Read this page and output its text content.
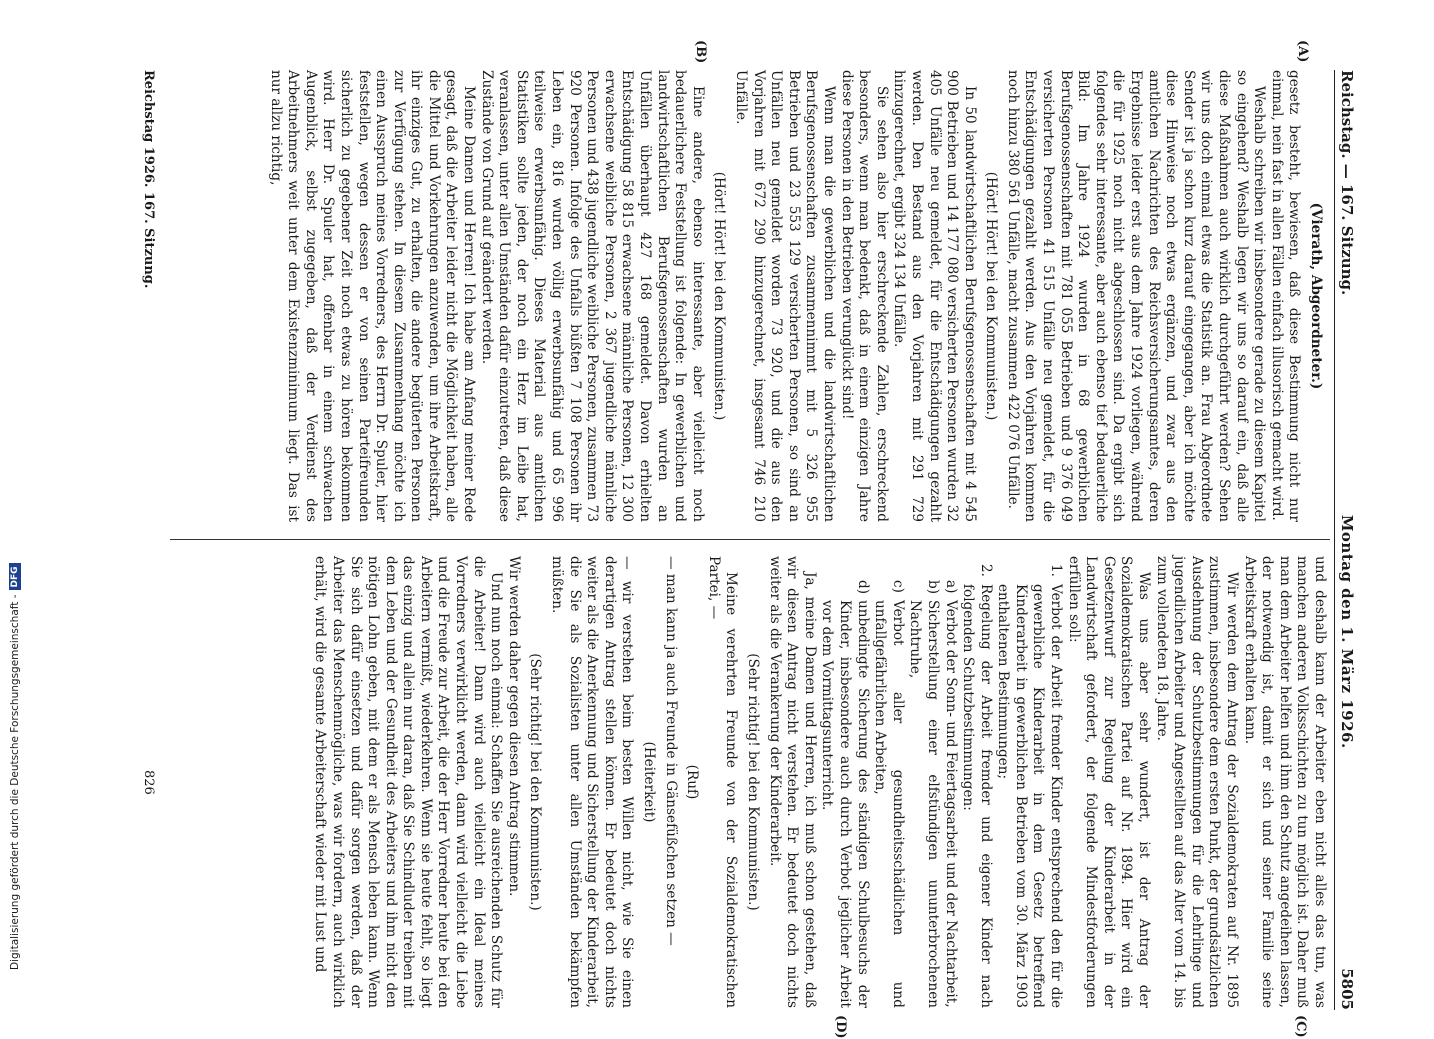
Digitalisierung gefördert durch die Deutsche Forschungsgemeinschaft -
DFG
Reichstag. — 167. Sitzung.
Montag den 1. März 1926.
5805
(A)
(B)
(C)
(D)

(Vierath, Abgeordneter.)

gesetz besteht, bewiesen, daß diese Bestimmung nicht nur einmal, nein fast in allen Fällen einfach illusorisch gemacht wird.

Weshalb schreiben wir insbesondere gerade zu diesem Kapitel so eingehend? Weshalb legen wir uns so darauf ein, daß alle diese Maßnahmen auch wirklich durchgeführt werden? Sehen wir uns doch einmal etwas die Statistik an. Frau Abgeordnete Sender ist ja schon kurz darauf eingegangen, aber ich möchte diese Hinweise noch etwas ergänzen, und zwar aus den amtlichen Nachrichten des Reichsversicherungsamtes, deren Ergebnisse leider erst aus dem Jahre 1924 vorliegen, während die für 1925 noch nicht abgeschlossen sind. Da ergibt sich folgendes sehr interessante, aber auch ebenso tief bedauerliche Bild: Im Jahre 1924 wurden in 68 gewerblichen Berufsgenossenschaften mit 781 055 Betrieben und 9 376 049 versicherten Personen 41 515 Unfälle neu gemeldet, für die Entschädigungen gezahlt werden. Aus den Vorjahren kommen noch hinzu 380 561 Unfälle, macht zusammen 422 076 Unfälle.

(Hört! Hört! bei den Kommunisten.)

In 50 landwirtschaftlichen Berufsgenossenschaften mit 4 545 900 Betrieben und 14 177 080 versicherten Personen wurden 32 405 Unfälle neu gemeldet, für die Entschädigungen gezahlt werden. Den Bestand aus den Vorjahren mit 291 729 hinzugerechnet, ergibt 324 134 Unfälle.

Sie sehen also hier erschreckende Zahlen, erschreckend besonders, wenn man bedenkt, daß in einem einzigen Jahre diese Personen in den Betrieben verunglückt sind!

Wenn man die gewerblichen und die landwirtschaftlichen Berufsgenossenschaften zusammennimmt mit 5 326 955 Betrieben und 23 553 129 versicherten Personen, so sind an Unfällen neu gemeldet worden 73 920, und die aus den Vorjahren mit 672 290 hinzugerechnet, insgesamt 746 210 Unfälle.

(Hört! Hört! bei den Kommunisten.)

Eine andere, ebenso interessante, aber vielleicht noch bedauerlichere Feststellung ist folgende: In gewerblichen und landwirtschaftlichen Berufsgenossenschaften wurden an Unfällen überhaupt 427 168 gemeldet. Davon erhielten Entschädigung 58 815 erwachsene männliche Personen, 12 300 erwachsene weibliche Personen, 2 367 jugendliche männliche Personen und 438 jugendliche weibliche Personen, zusammen 73 920 Personen. Infolge des Unfalls büßten 7 108 Personen ihr Leben ein, 816 wurden völlig erwerbsunfähig und 65 996 teilweise erwerbsunfähig. Dieses Material aus amtlichen Statistiken sollte jeden, der noch ein Herz im Leibe hat, veranlassen, unter allen Umständen dafür einzutreten, daß diese Zustände von Grund auf geändert werden.

Meine Damen und Herren! Ich habe am Anfang meiner Rede gesagt, daß die Arbeiter leider nicht die Möglichkeit haben, alle die Mittel und Vorkehrungen anzuwenden, um ihre Arbeitskraft, ihr einziges Gut, zu erhalten, die andere begüterten Personen zur Verfügung stehen. In diesem Zusammenhang möchte ich einen Ausspruch meines Vorredners, des Herrn Dr. Spuler, hier feststellen, wegen dessen er von seinen Parteifreunden sicherlich zu gegebener Zeit noch etwas zu hören bekommen wird. Herr Dr. Spuler hat, offenbar in einem schwachen Augenblick, selbst zugegeben, daß der Verdienst des Arbeitnehmers weit unter dem Existenzminimum liegt. Das ist nur allzu richtig,

und deshalb kann der Arbeiter eben nicht alles das tun, was manchen anderen Volksschichten zu tun möglich ist. Daher muß man dem Arbeiter helfen und ihm den Schutz angedeihen lassen, der notwendig ist, damit er sich und seiner Familie seine Arbeitskraft erhalten kann.

Wir werden dem Antrag der Sozialdemokraten auf Nr. 1895 zustimmen, insbesondere dem ersten Punkt, der grundsätzlichen Ausdehnung der Schutzbestimmungen für die Lehrlinge und jugendlichen Arbeiter und Angestellten auf das Alter vom 14. bis zum vollendeten 18. Jahre.

Was uns aber sehr wundert, ist der Antrag der Sozialdemokratischen Partei auf Nr. 1894. Hier wird ein Gesetzentwurf zur Regelung der Kinderarbeit in der Landwirtschaft gefordert, der folgende Mindestforderungen erfüllen soll:

1.
Verbot der Arbeit fremder Kinder entsprechend den für die gewerbliche Kinderarbeit in dem Gesetz betreffend Kinderarbeit in gewerblichen Betrieben vom 30. März 1903 enthaltenen Bestimmungen;

2.
Regelung der Arbeit fremder und eigener Kinder nach folgenden Schutzbestimmungen:

a)
Verbot der Sonn- und Feiertagsarbeit und der Nachtarbeit,

b)
Sicherstellung einer elfstündigen ununterbrochenen Nachtruhe,

c)
Verbot aller gesundheitsschädlichen und unfallgefährlichen Arbeiten,

d)
unbedingte Sicherung des ständigen Schulbesuchs der Kinder, insbesondere auch durch Verbot jeglicher Arbeit vor dem Vormittagsunterricht.

Ja, meine Damen und Herren, ich muß schon gestehen, daß wir diesen Antrag nicht verstehen. Er bedeutet doch nichts weiter als die Verankerung der Kinderarbeit.

(Sehr richtig! bei den Kommunisten.)

Meine verehrten Freunde von der Sozialdemokratischen Partei, —

(Ruf)

— man kann ja auch Freunde in Gänsefüßchen setzen —

(Heiterkeit)

— wir verstehen beim besten Willen nicht, wie Sie einen derartigen Antrag stellen können. Er bedeutet doch nichts weiter als die Anerkennung und Sicherstellung der Kinderarbeit, die Sie als Sozialisten unter allen Umständen bekämpfen müßten.

(Sehr richtig! bei den Kommunisten.)

Wir werden daher gegen diesen Antrag stimmen.

Und nun noch einmal: Schaffen Sie ausreichenden Schutz für die Arbeiter! Dann wird auch vielleicht ein Ideal meines Vorredners verwirklicht werden, dann wird vielleicht die Liebe und die Freude zur Arbeit, die der Herr Vorredner heute bei den Arbeitern vermißt, wiederkehren. Wenn sie heute fehlt, so liegt das einzig und allein nur daran, daß Sie Schindluder treiben mit dem Leben und der Gesundheit des Arbeiters und ihm nicht den nötigen Lohn geben, mit dem er als Mensch leben kann. Wenn Sie sich dafür einsetzen und dafür sorgen werden, daß der Arbeiter das Menschenmögliche, was wir fordern, auch wirklich erhält, wird die gesamte Arbeiterschaft wieder mit Lust und

Reichstag 1926. 167. Sitzung.
826
